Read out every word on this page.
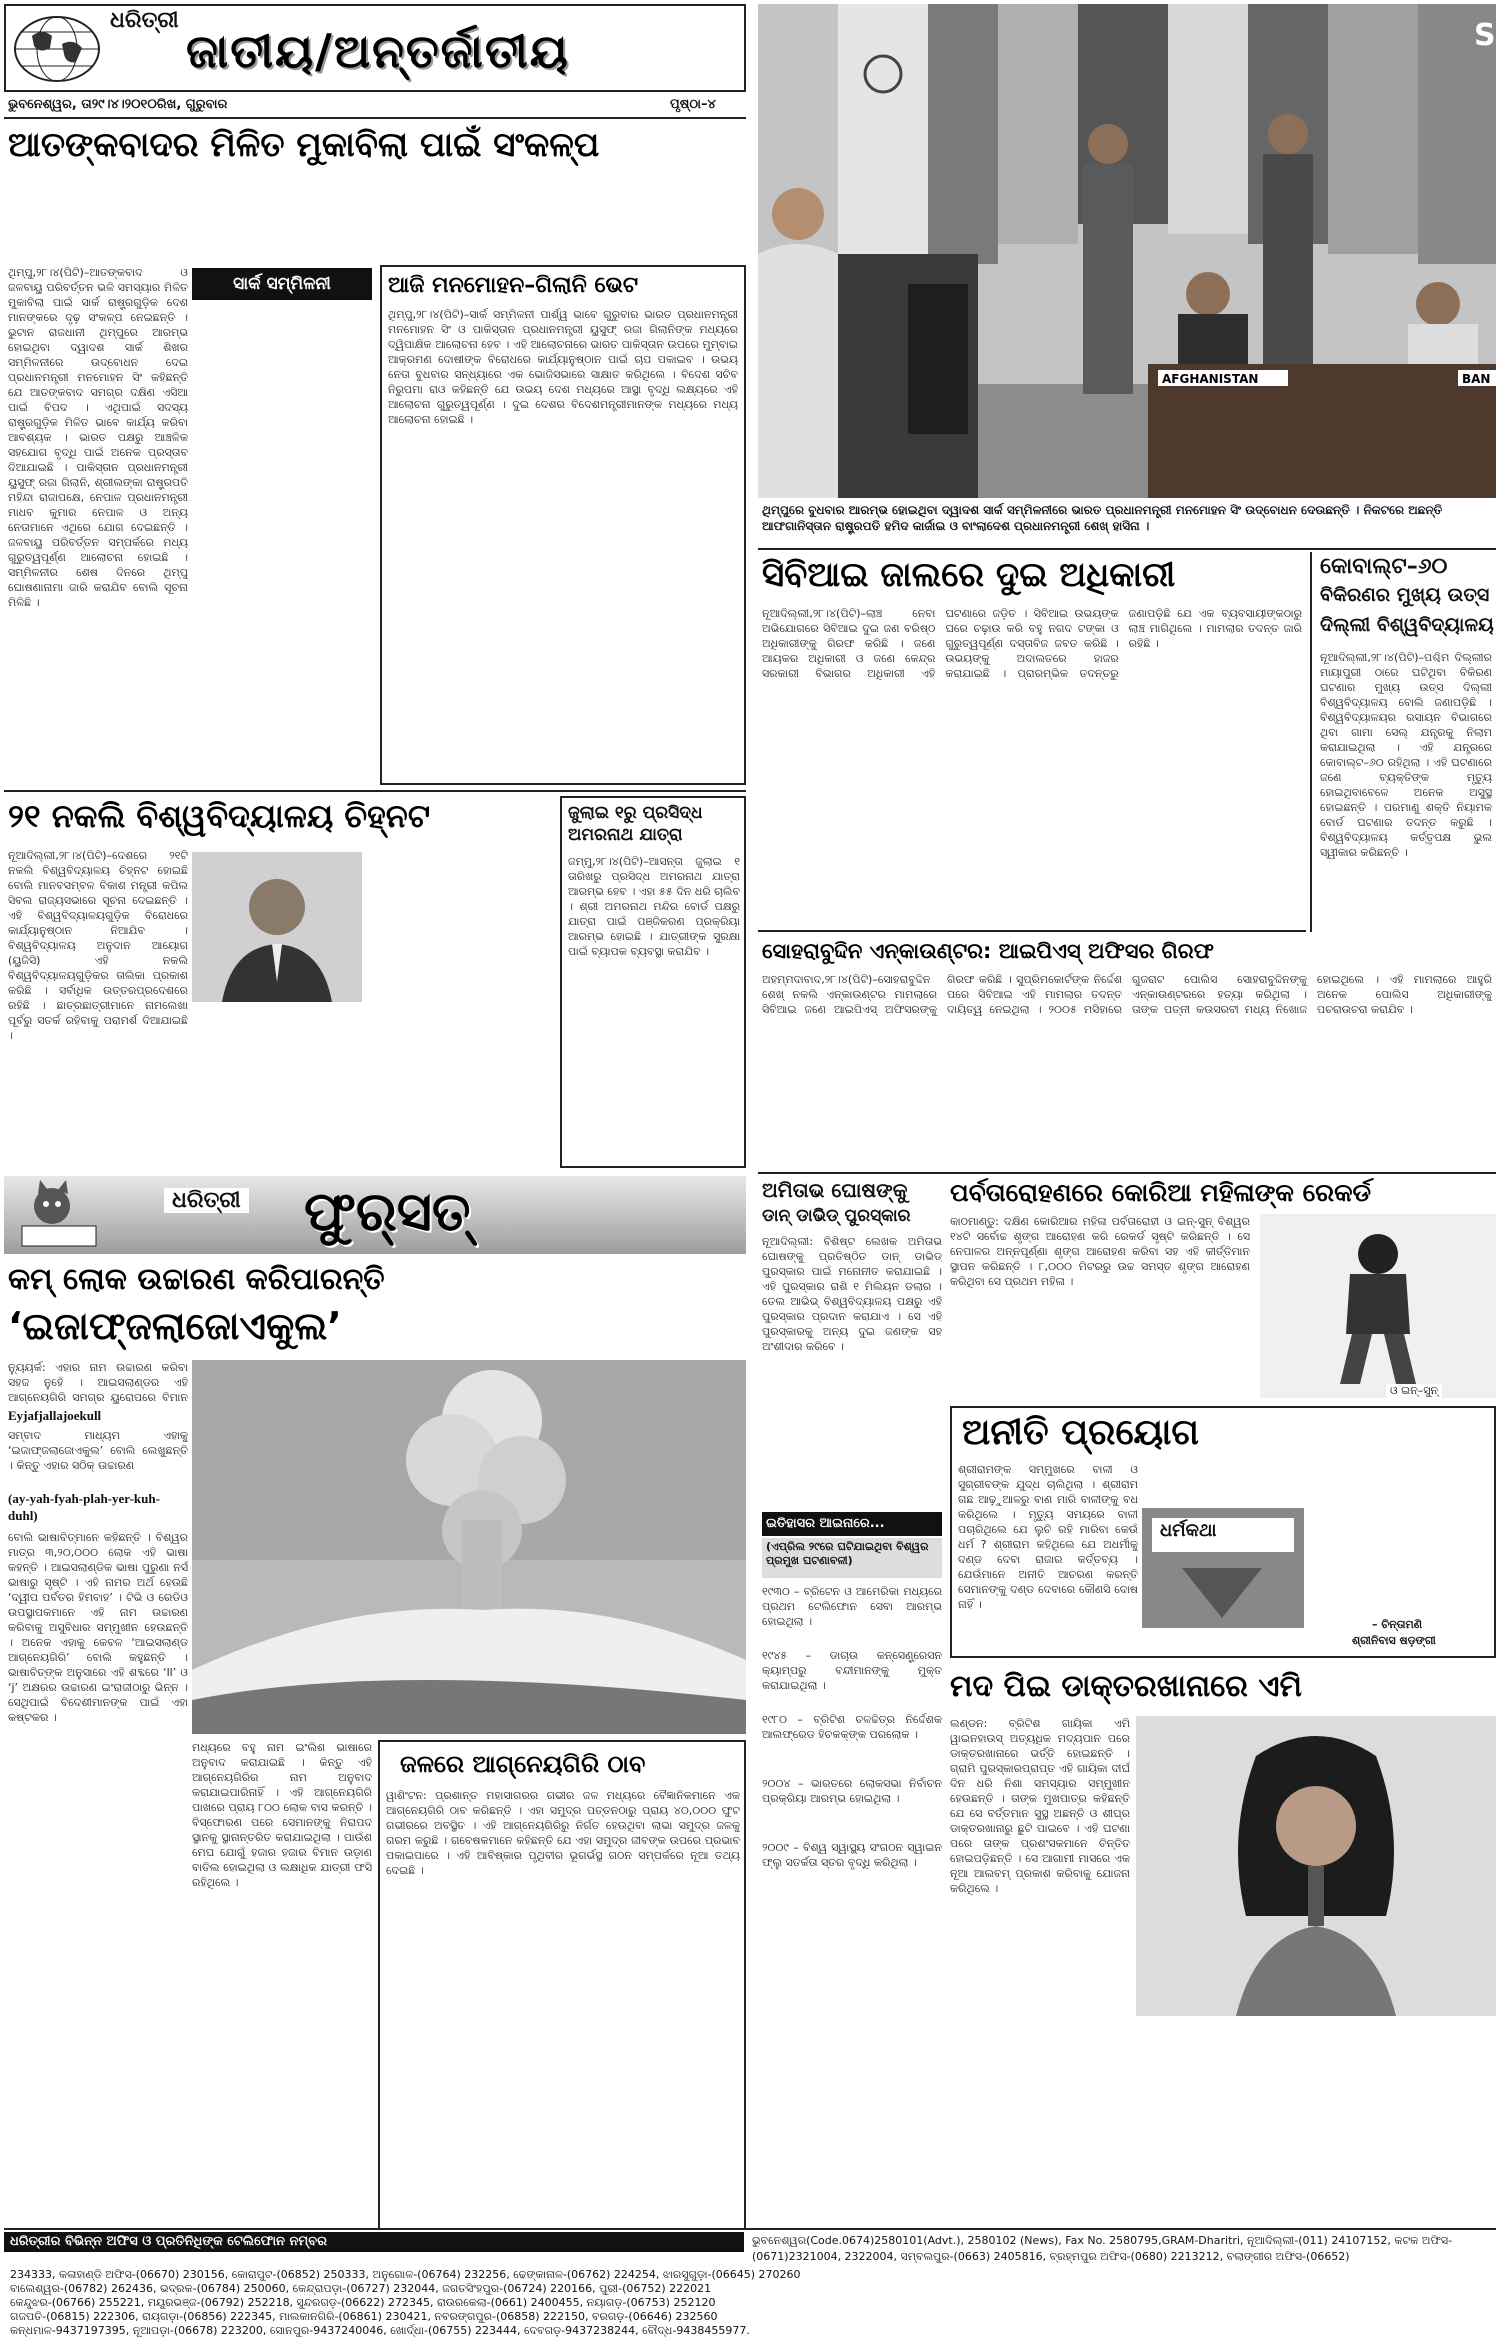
ଧରିତ୍ରୀ
ଜାତୀୟ/ଅନ୍ତର୍ଜାତୀୟ
ଭୁବନେଶ୍ୱର, ତା୨୯।୪।୨୦୧୦ରିଖ, ଗୁରୁବାର	ପୃଷ୍ଠା–୪
ଆତଙ୍କବାଦର ମିଳିତ ମୁକାବିଲା ପାଇଁ ସଂକଳ୍ପ
ସାର୍କ ସମ୍ମିଳନୀ
ଥିମ୍ପୁ,୨୮।୪(ପିଟି)–ଆତଙ୍କବାଦ ଓ ଜଳବାୟୁ ପରିବର୍ତ୍ତନ ଭଳି ସମସ୍ୟାର ମିଳିତ ମୁକାବିଲା ପାଇଁ ସାର୍କ ରାଷ୍ଟ୍ରଗୁଡ଼ିକ ଦେଶ ମାନଙ୍କରେ ଦୃଢ଼ ସଂକଳ୍ପ ନେଇଛନ୍ତି । ଭୁଟାନ ରାଜଧାନୀ ଥିମ୍ପୁରେ ଆରମ୍ଭ ହୋଇଥିବା ଦ୍ୱାଦଶ ସାର୍କ ଶିଖର ସମ୍ମିଳନୀରେ ଉଦ୍‌ବୋଧନ ଦେଇ ପ୍ରଧାନମନ୍ତ୍ରୀ ମନମୋହନ ସିଂ କହିଛନ୍ତି ଯେ ଆତଙ୍କବାଦ ସମଗ୍ର ଦକ୍ଷିଣ ଏସିଆ ପାଇଁ ବିପଦ । ଏଥିପାଇଁ ସଦସ୍ୟ ରାଷ୍ଟ୍ରଗୁଡ଼ିକ ମିଳିତ ଭାବେ କାର୍ଯ୍ୟ କରିବା ଆବଶ୍ୟକ । ଭାରତ ପକ୍ଷରୁ ଆଞ୍ଚଳିକ ସହଯୋଗ ବୃଦ୍ଧି ପାଇଁ ଅନେକ ପ୍ରସ୍ତାବ ଦିଆଯାଇଛି । ପାକିସ୍ତାନ ପ୍ରଧାନମନ୍ତ୍ରୀ ୟୁସୁଫ୍ ରଜା ଗିଲାନି, ଶ୍ରୀଲଙ୍କା ରାଷ୍ଟ୍ରପତି ମହିନ୍ଦା ରାଜାପକ୍ଷେ, ନେପାଳ ପ୍ରଧାନମନ୍ତ୍ରୀ ମାଧବ କୁମାର ନେପାଳ ଓ ଅନ୍ୟ ନେତାମାନେ ଏଥିରେ ଯୋଗ ଦେଇଛନ୍ତି । ଜଳବାୟୁ ପରିବର୍ତ୍ତନ ସମ୍ପର୍କରେ ମଧ୍ୟ ଗୁରୁତ୍ୱପୂର୍ଣ୍ଣ ଆଲୋଚନା ହୋଇଛି । ସମ୍ମିଳନୀର ଶେଷ ଦିନରେ ଥିମ୍ପୁ ଘୋଷଣାନାମା ଜାରି କରାଯିବ ବୋଲି ସୂଚନା ମିଳିଛି ।
ଆଜି ମନମୋହନ–ଗିଲାନି ଭେଟ
ଥିମ୍ପୁ,୨୮।୪(ପିଟି)–ସାର୍କ ସମ୍ମିଳନୀ ପାର୍ଶ୍ୱ ଭାବେ ଗୁରୁବାର ଭାରତ ପ୍ରଧାନମନ୍ତ୍ରୀ ମନମୋହନ ସିଂ ଓ ପାକିସ୍ତାନ ପ୍ରଧାନମନ୍ତ୍ରୀ ୟୁସୁଫ୍ ରଜା ଗିଲାନିଙ୍କ ମଧ୍ୟରେ ଦ୍ୱିପାକ୍ଷିକ ଆଲୋଚନା ହେବ । ଏହି ଆଲୋଚନାରେ ଭାରତ ପାକିସ୍ତାନ ଉପରେ ମୁମ୍ବାଇ ଆକ୍ରମଣ ଦୋଷୀଙ୍କ ବିରୋଧରେ କାର୍ଯ୍ୟାନୁଷ୍ଠାନ ପାଇଁ ଚାପ ପକାଇବ । ଉଭୟ ନେତା ବୁଧବାର ସନ୍ଧ୍ୟାରେ ଏକ ଭୋଜିସଭାରେ ସାକ୍ଷାତ କରିଥିଲେ । ବିଦେଶ ସଚିବ ନିରୁପମା ରାଓ କହିଛନ୍ତି ଯେ ଉଭୟ ଦେଶ ମଧ୍ୟରେ ଆସ୍ଥା ବୃଦ୍ଧି ଲକ୍ଷ୍ୟରେ ଏହି ଆଲୋଚନା ଗୁରୁତ୍ୱପୂର୍ଣ୍ଣ । ଦୁଇ ଦେଶର ବିଦେଶମନ୍ତ୍ରୀମାନଙ୍କ ମଧ୍ୟରେ ମଧ୍ୟ ଆଲୋଚନା ହୋଇଛି ।
୨୧ ନକଲି ବିଶ୍ୱବିଦ୍ୟାଳୟ ଚିହ୍ନଟ
ନୂଆଦିଲ୍ଲୀ,୨୮।୪(ପିଟି)–ଦେଶରେ ୨୧ଟି ନକଲି ବିଶ୍ୱବିଦ୍ୟାଳୟ ଚିହ୍ନଟ ହୋଇଛି ବୋଲି ମାନବସମ୍ବଳ ବିକାଶ ମନ୍ତ୍ରୀ କପିଲ ସିବଲ ରାଜ୍ୟସଭାରେ ସୂଚନା ଦେଇଛନ୍ତି । ଏହି ବିଶ୍ୱବିଦ୍ୟାଳୟଗୁଡ଼ିକ ବିରୋଧରେ କାର୍ଯ୍ୟାନୁଷ୍ଠାନ ନିଆଯିବ । ବିଶ୍ୱବିଦ୍ୟାଳୟ ଅନୁଦାନ ଆୟୋଗ (ୟୁଜିସି) ଏହି ନକଲି ବିଶ୍ୱବିଦ୍ୟାଳୟଗୁଡ଼ିକର ତାଲିକା ପ୍ରକାଶ କରିଛି । ସର୍ବାଧିକ ଉତ୍ତରପ୍ରଦେଶରେ ରହିଛି । ଛାତ୍ରଛାତ୍ରୀମାନେ ନାମଲେଖା ପୂର୍ବରୁ ସତର୍କ ରହିବାକୁ ପରାମର୍ଶ ଦିଆଯାଇଛି ।
ଜୁଲାଇ ୧ରୁ ପ୍ରସିଦ୍ଧ ଅମରନାଥ ଯାତ୍ରା
ଜମ୍ମୁ,୨୮।୪(ପିଟି)–ଆସନ୍ତା ଜୁଲାଇ ୧ ତାରିଖରୁ ପ୍ରସିଦ୍ଧ ଅମରନାଥ ଯାତ୍ରା ଆରମ୍ଭ ହେବ । ଏହା ୫୫ ଦିନ ଧରି ଚାଲିବ । ଶ୍ରୀ ଅମରନାଥ ମନ୍ଦିର ବୋର୍ଡ ପକ୍ଷରୁ ଯାତ୍ରା ପାଇଁ ପଞ୍ଜିକରଣ ପ୍ରକ୍ରିୟା ଆରମ୍ଭ ହୋଇଛି । ଯାତ୍ରୀଙ୍କ ସୁରକ୍ଷା ପାଇଁ ବ୍ୟାପକ ବ୍ୟବସ୍ଥା କରାଯିବ ।
AFGHANISTAN	BAN
S
ଥିମ୍ପୁରେ ବୁଧବାର ଆରମ୍ଭ ହୋଇଥିବା ଦ୍ୱାଦଶ ସାର୍କ ସମ୍ମିଳନୀରେ ଭାରତ ପ୍ରଧାନମନ୍ତ୍ରୀ ମନମୋହନ ସିଂ ଉଦ୍‌ବୋଧନ ଦେଉଛନ୍ତି । ନିକଟରେ ଅଛନ୍ତି ଆଫଗାନିସ୍ତାନ ରାଷ୍ଟ୍ରପତି ହମିଦ କାର୍ଜାଇ ଓ ବାଂଲାଦେଶ ପ୍ରଧାନମନ୍ତ୍ରୀ ଶେଖ୍ ହାସିନା ।
ସିବିଆଇ ଜାଲରେ ଦୁଇ ଅଧିକାରୀ
ନୂଆଦିଲ୍ଲୀ,୨୮।୪(ପିଟି)–ଲାଞ୍ଚ ନେବା ଅଭିଯୋଗରେ ସିବିଆଇ ଦୁଇ ଜଣ ବରିଷ୍ଠ ଅଧିକାରୀଙ୍କୁ ଗିରଫ କରିଛି । ଜଣେ ଆୟକର ଅଧିକାରୀ ଓ ଜଣେ କେନ୍ଦ୍ର ସରକାରୀ ବିଭାଗର ଅଧିକାରୀ ଏହି ଘଟଣାରେ ଜଡ଼ିତ । ସିବିଆଇ ଉଭୟଙ୍କ ଘରେ ଚଢ଼ାଉ କରି ବହୁ ନଗଦ ଟଙ୍କା ଓ ଗୁରୁତ୍ୱପୂର୍ଣ୍ଣ ଦସ୍ତାବିଜ ଜବତ କରିଛି । ଉଭୟଙ୍କୁ ଅଦାଲତରେ ହାଜର କରାଯାଇଛି । ପ୍ରାରମ୍ଭିକ ତଦନ୍ତରୁ ଜଣାପଡ଼ିଛି ଯେ ଏକ ବ୍ୟବସାୟୀଙ୍କଠାରୁ ଲାଞ୍ଚ ମାଗିଥିଲେ । ମାମଲାର ତଦନ୍ତ ଜାରି ରହିଛି ।
କୋବାଲ୍ଟ–୬୦
ବିକିରଣର ମୁଖ୍ୟ ଉତ୍ସ
ଦିଲ୍ଲୀ ବିଶ୍ୱବିଦ୍ୟାଳୟ
ନୂଆଦିଲ୍ଲୀ,୨୮।୪(ପିଟି)–ପଶ୍ଚିମ ଦିଲ୍ଲୀର ମାୟାପୁରୀ ଠାରେ ଘଟିଥିବା ବିକିରଣ ଘଟଣାର ମୁଖ୍ୟ ଉତ୍ସ ଦିଲ୍ଲୀ ବିଶ୍ୱବିଦ୍ୟାଳୟ ବୋଲି ଜଣାପଡ଼ିଛି । ବିଶ୍ୱବିଦ୍ୟାଳୟର ରସାୟନ ବିଭାଗରେ ଥିବା ଗାମା ସେଲ୍ ଯନ୍ତ୍ରକୁ ନିଲାମ କରାଯାଇଥିଲା । ଏହି ଯନ୍ତ୍ରରେ କୋବାଲ୍ଟ–୬୦ ରହିଥିଲା । ଏହି ଘଟଣାରେ ଜଣେ ବ୍ୟକ୍ତିଙ୍କ ମୃତ୍ୟୁ ହୋଇଥିବାବେଳେ ଅନେକ ଅସୁସ୍ଥ ହୋଇଛନ୍ତି । ପରମାଣୁ ଶକ୍ତି ନିୟାମକ ବୋର୍ଡ ଘଟଣାର ତଦନ୍ତ କରୁଛି । ବିଶ୍ୱବିଦ୍ୟାଳୟ କର୍ତ୍ତୃପକ୍ଷ ଭୁଲ ସ୍ୱୀକାର କରିଛନ୍ତି ।
ସୋହରାବୁଦ୍ଦିନ ଏନ୍‌କାଉଣ୍ଟର: ଆଇପିଏସ୍ ଅଫିସର ଗିରଫ
ଅହମ୍ମଦାବାଦ,୨୮।୪(ପିଟି)–ସୋହରାବୁଦ୍ଦିନ ଶେଖ୍ ନକଲି ଏନ୍‌କାଉଣ୍ଟର ମାମଲାରେ ସିବିଆଇ ଜଣେ ଆଇପିଏସ୍ ଅଫିସରଙ୍କୁ ଗିରଫ କରିଛି । ସୁପ୍ରିମକୋର୍ଟଙ୍କ ନିର୍ଦ୍ଦେଶ ପରେ ସିବିଆଇ ଏହି ମାମଲାର ତଦନ୍ତ ଦାୟିତ୍ୱ ନେଇଥିଲା । ୨୦୦୫ ମସିହାରେ ଗୁଜରାଟ ପୋଲିସ ସୋହରାବୁଦ୍ଦିନଙ୍କୁ ଏନ୍‌କାଉଣ୍ଟରରେ ହତ୍ୟା କରିଥିଲା । ତାଙ୍କ ପତ୍ନୀ କଉସରବୀ ମଧ୍ୟ ନିଖୋଜ ହୋଇଥିଲେ । ଏହି ମାମଲାରେ ଆହୁରି ଅନେକ ପୋଲିସ ଅଧିକାରୀଙ୍କୁ ପଚରାଉଚରା କରାଯିବ ।
ଧରିତ୍ରୀ ଫୁର୍‌ସତ୍
କମ୍ ଲୋକ ଉଚ୍ଚାରଣ କରିପାରନ୍ତି
‘ଇଜାଫ୍‌ଜଲାଜୋଏକୁଲ’
ନ୍ୟୁୟର୍କ: ଏହାର ନାମ ଉଚ୍ଚାରଣ କରିବା ସହଜ ନୁହେଁ । ଆଇସଲାଣ୍ଡର ଏହି ଆଗ୍ନେୟଗିରି ସମଗ୍ର ୟୁରୋପରେ ବିମାନ
Eyjafjallajoekull
ସମ୍ବାଦ ମାଧ୍ୟମ ଏହାକୁ ‘ଇଜାଫ୍‌ଜଲାଜୋଏକୁଲ’ ବୋଲି ଲେଖୁଛନ୍ତି । କିନ୍ତୁ ଏହାର ସଠିକ୍ ଉଚ୍ଚାରଣ
(ay-yah-fyah-plah-yer-kuh-duhl)
ବୋଲି ଭାଷାବିତ୍‌ମାନେ କହିଛନ୍ତି । ବିଶ୍ୱର ମାତ୍ର ୩,୨୦,୦୦୦ ଲୋକ ଏହି ଭାଷା କହନ୍ତି । ଆଇସଲାଣ୍ଡିକ ଭାଷା ପୁରୁଣା ନର୍ସ ଭାଷାରୁ ସୃଷ୍ଟି । ଏହି ନାମର ଅର୍ଥ ହେଉଛି ‘ଦ୍ୱୀପ ପର୍ବତର ହିମବାହ’ । ଟିଭି ଓ ରେଡିଓ ଉପସ୍ଥାପକମାନେ ଏହି ନାମ ଉଚ୍ଚାରଣ କରିବାକୁ ଅସୁବିଧାର ସମ୍ମୁଖୀନ ହେଉଛନ୍ତି । ଅନେକ ଏହାକୁ କେବଳ ‘ଆଇସଲାଣ୍ଡ ଆଗ୍ନେୟଗିରି’ ବୋଲି କହୁଛନ୍ତି । ଭାଷାବିତ୍‌ଙ୍କ ଅନୁସାରେ ଏହି ଶବ୍ଦରେ ‘ll’ ଓ ‘j’ ଅକ୍ଷରର ଉଚ୍ଚାରଣ ଇଂରାଜୀଠାରୁ ଭିନ୍ନ । ସେଥିପାଇଁ ବିଦେଶୀମାନଙ୍କ ପାଇଁ ଏହା କଷ୍ଟକର ।
ମଧ୍ୟରେ ବହୁ ନାମ ଇଂଲିଶ ଭାଷାରେ ଅନୁବାଦ କରାଯାଇଛି । କିନ୍ତୁ ଏହି ଆଗ୍ନେୟଗିରିର ନାମ ଅନୁବାଦ କରାଯାଇପାରିନାହିଁ । ଏହି ଆଗ୍ନେୟଗିରି ପାଖରେ ପ୍ରାୟ ୮୦୦ ଲୋକ ବାସ କରନ୍ତି । ବିସ୍ଫୋରଣ ପରେ ସେମାନଙ୍କୁ ନିରାପଦ ସ୍ଥାନକୁ ସ୍ଥାନାନ୍ତରିତ କରାଯାଇଥିଲା । ପାଉଁଶ ମେଘ ଯୋଗୁଁ ହଜାର ହଜାର ବିମାନ ଉଡ଼ାଣ ବାତିଲ ହୋଇଥିଲା ଓ ଲକ୍ଷାଧିକ ଯାତ୍ରୀ ଫସି ରହିଥିଲେ ।
ଜଳରେ ଆଗ୍ନେୟଗିରି ଠାବ
ୱାଶିଂଟନ: ପ୍ରଶାନ୍ତ ମହାସାଗରର ଗଭୀର ଜଳ ମଧ୍ୟରେ ବୈଜ୍ଞାନିକମାନେ ଏକ ଆଗ୍ନେୟଗିରି ଠାବ କରିଛନ୍ତି । ଏହା ସମୁଦ୍ର ପତ୍ତନଠାରୁ ପ୍ରାୟ ୪୦,୦୦୦ ଫୁଟ ଗଭୀରରେ ଅବସ୍ଥିତ । ଏହି ଆଗ୍ନେୟଗିରିରୁ ନିର୍ଗତ ହେଉଥିବା ଲାଭା ସମୁଦ୍ର ଜଳକୁ ଗରମ କରୁଛି । ଗବେଷକମାନେ କହିଛନ୍ତି ଯେ ଏହା ସମୁଦ୍ର ଜୀବଙ୍କ ଉପରେ ପ୍ରଭାବ ପକାଇପାରେ । ଏହି ଆବିଷ୍କାର ପୃଥିବୀର ଭୂଗର୍ଭସ୍ଥ ଗଠନ ସମ୍ପର୍କରେ ନୂଆ ତଥ୍ୟ ଦେଇଛି ।
ଅମିତାଭ ଘୋଷଙ୍କୁ
ଡାନ୍ ଡାଭିଡ୍ ପୁରସ୍କାର
ନୂଆଦିଲ୍ଲୀ: ବିଶିଷ୍ଟ ଲେଖକ ଅମିତାଭ ଘୋଷଙ୍କୁ ପ୍ରତିଷ୍ଠିତ ଡାନ୍ ଡାଭିଡ୍ ପୁରସ୍କାର ପାଇଁ ମନୋନୀତ କରାଯାଇଛି । ଏହି ପୁରସ୍କାର ରାଶି ୧ ମିଲିୟନ ଡଲାର । ତେଲ ଆଭିଭ୍ ବିଶ୍ୱବିଦ୍ୟାଳୟ ପକ୍ଷରୁ ଏହି ପୁରସ୍କାର ପ୍ରଦାନ କରାଯାଏ । ସେ ଏହି ପୁରସ୍କାରକୁ ଅନ୍ୟ ଦୁଇ ଜଣଙ୍କ ସହ ଅଂଶୀଦାର କରିବେ ।
ପର୍ବତାରୋହଣରେ କୋରିଆ ମହିଳାଙ୍କ ରେକର୍ଡ
କାଠମାଣ୍ଡୁ: ଦକ୍ଷିଣ କୋରିଆର ମହିଳା ପର୍ବତାରୋହୀ ଓ ଇନ୍-ସୁନ୍ ବିଶ୍ୱର ୧୪ଟି ସର୍ବୋଚ୍ଚ ଶୃଙ୍ଗ ଆରୋହଣ କରି ରେକର୍ଡ ସୃଷ୍ଟି କରିଛନ୍ତି । ସେ ନେପାଳର ଅନ୍ନପୂର୍ଣ୍ଣା ଶୃଙ୍ଗ ଆରୋହଣ କରିବା ସହ ଏହି କୀର୍ତ୍ତିମାନ ସ୍ଥାପନ କରିଛନ୍ତି । ୮,୦୦୦ ମିଟରରୁ ଉଚ୍ଚ ସମସ୍ତ ଶୃଙ୍ଗ ଆରୋହଣ କରିଥିବା ସେ ପ୍ରଥମ ମହିଳା ।
ଓ ଇନ୍–ସୁନ୍
ଅନୀତି ପ୍ରୟୋଗ
ଶ୍ରୀରାମଙ୍କ ସମ୍ମୁଖରେ ବାଳୀ ଓ ସୁଗ୍ରୀବଙ୍କ ଯୁଦ୍ଧ ଚାଲିଥିଲା । ଶ୍ରୀରାମ ଗଛ ଆଢ଼ୁଆଳରୁ ବାଣ ମାରି ବାଳୀଙ୍କୁ ବଧ କରିଥିଲେ । ମୃତ୍ୟୁ ସମୟରେ ବାଳୀ ପଚାରିଥିଲେ ଯେ ଲୁଚି ରହି ମାରିବା କେଉଁ ଧର୍ମ ? ଶ୍ରୀରାମ କହିଥିଲେ ଯେ ଅଧର୍ମୀକୁ ଦଣ୍ଡ ଦେବା ରାଜାର କର୍ତ୍ତବ୍ୟ । ଯେଉଁମାନେ ଅନୀତି ଆଚରଣ କରନ୍ତି ସେମାନଙ୍କୁ ଦଣ୍ଡ ଦେବାରେ କୌଣସି ଦୋଷ ନାହିଁ ।
ଧର୍ମକଥା
– ଚିନ୍ତାମଣି
ଶ୍ରୀନିବାସ ଷଡ଼ଙ୍ଗୀ
ଇତିହାସର ଆଇନାରେ...
(ଏପ୍ରିଲ ୨୯ରେ ଘଟିଯାଇଥିବା ବିଶ୍ୱର ପ୍ରମୁଖ ଘଟଣାବଳୀ)
୧୯୩୦ – ବ୍ରିଟେନ ଓ ଆମେରିକା ମଧ୍ୟରେ ପ୍ରଥମ ଟେଲିଫୋନ ସେବା ଆରମ୍ଭ ହୋଇଥିଲା ।
୧୯୪୫ – ଡାଚାଉ କନ୍‌ସେଣ୍ଟ୍ରେସନ କ୍ୟାମ୍ପରୁ ବନ୍ଦୀମାନଙ୍କୁ ମୁକ୍ତ କରାଯାଇଥିଲା ।
୧୯୮୦ – ବ୍ରିଟିଶ ଚଳଚ୍ଚିତ୍ର ନିର୍ଦ୍ଦେଶକ ଆଲଫ୍ରେଡ ହିଚକକ୍‌ଙ୍କ ପରଲୋକ ।
୨୦୦୪ – ଭାରତରେ ଲୋକସଭା ନିର୍ବାଚନ ପ୍ରକ୍ରିୟା ଆରମ୍ଭ ହୋଇଥିଲା ।
୨୦୦୯ – ବିଶ୍ୱ ସ୍ୱାସ୍ଥ୍ୟ ସଂଗଠନ ସ୍ୱାଇନ ଫ୍ଲୁ ସତର୍କତା ସ୍ତର ବୃଦ୍ଧି କରିଥିଲା ।
ମଦ ପିଇ ଡାକ୍ତରଖାନାରେ ଏମି
ଲଣ୍ଡନ: ବ୍ରିଟିଶ ଗାୟିକା ଏମି ୱାଇନହାଉସ୍ ଅତ୍ୟଧିକ ମଦ୍ୟପାନ ପରେ ଡାକ୍ତରଖାନାରେ ଭର୍ତ୍ତି ହୋଇଛନ୍ତି । ଗ୍ରାମି ପୁରସ୍କାରପ୍ରାପ୍ତ ଏହି ଗାୟିକା ଦୀର୍ଘ ଦିନ ଧରି ନିଶା ସମସ୍ୟାର ସମ୍ମୁଖୀନ ହେଉଛନ୍ତି । ତାଙ୍କ ମୁଖପାତ୍ର କହିଛନ୍ତି ଯେ ସେ ବର୍ତ୍ତମାନ ସୁସ୍ଥ ଅଛନ୍ତି ଓ ଶୀଘ୍ର ଡାକ୍ତରଖାନାରୁ ଛୁଟି ପାଇବେ । ଏହି ଘଟଣା ପରେ ତାଙ୍କ ପ୍ରଶଂସକମାନେ ଚିନ୍ତିତ ହୋଇପଡ଼ିଛନ୍ତି । ସେ ଆଗାମୀ ମାସରେ ଏକ ନୂଆ ଆଲବମ୍ ପ୍ରକାଶ କରିବାକୁ ଯୋଜନା କରିଥିଲେ ।
ଧରିତ୍ରୀର ବିଭିନ୍ନ ଅଫିସ ଓ ପ୍ରତିନିଧିଙ୍କ ଟେଲିଫୋନ ନମ୍ବର	ଭୁବନେଶ୍ୱର(Code.0674)2580101(Advt.), 2580102 (News), Fax No. 2580795,GRAM-Dharitri, ନୂଆଦିଲ୍ଲୀ-(011) 24107152, କଟକ ଅଫିସ-
(0671)2321004, 2322004, ସମ୍ବଲପୁର-(0663) 2405816, ବ୍ରହ୍ମପୁର ଅଫିସ-(0680) 2213212, ବଲାଙ୍ଗୀର ଅଫିସ-(06652)
234333, କଳାହାଣ୍ଡି ଅଫିସ-(06670) 230156, କୋରାପୁଟ-(06852) 250333, ଅନୁଗୋଳ-(06764) 232256, ଢେଙ୍କାନାଳ-(06762) 224254, ଝାରସୁଗୁଡ଼ା-(06645) 270260
ବାଲେଶ୍ୱର-(06782) 262436, ଭଦ୍ରକ-(06784) 250060, କେନ୍ଦ୍ରାପଡ଼ା-(06727) 232044, ଜଗତସିଂହପୁର-(06724) 220166, ପୁରୀ-(06752) 222021
କେନ୍ଦୁଝର-(06766) 255221, ମୟୂରଭଞ୍ଜ-(06792) 252218, ସୁନ୍ଦରଗଡ଼-(06622) 272345, ରାଉରକେଲା-(0661) 2400455, ନୟାଗଡ଼-(06753) 252120
ଗଜପତି-(06815) 222306, ରାୟଗଡ଼ା-(06856) 222345, ମାଲକାନଗିରି-(06861) 230421, ନବରଙ୍ଗପୁର-(06858) 222150, ବରଗଡ଼-(06646) 232560
କନ୍ଧମାଳ-9437197395, ନୂଆପଡ଼ା-(06678) 223200, ସୋନପୁର-9437240046, ଖୋର୍ଦ୍ଧା-(06755) 223444, ଦେବଗଡ଼-9437238244, ବୌଦ୍ଧ-9438455977.
